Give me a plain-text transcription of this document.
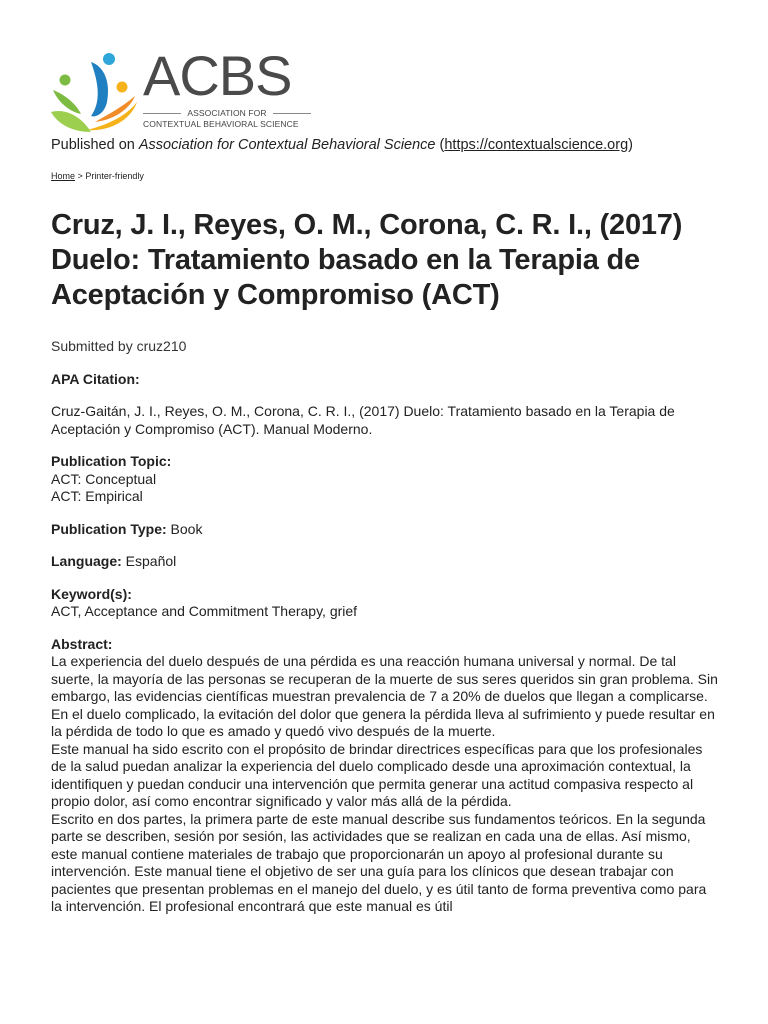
ACBS
ASSOCIATION FOR
CONTEXTUAL BEHAVIORAL SCIENCE
Published on Association for Contextual Behavioral Science (https://contextualscience.org)
Home > Printer-friendly
Cruz, J. I., Reyes, O. M., Corona, C. R. I., (2017) Duelo: Tratamiento basado en la Terapia de Aceptación y Compromiso (ACT)

Submitted by cruz210

APA Citation:

Cruz-Gaitán, J. I., Reyes, O. M., Corona, C. R. I., (2017) Duelo: Tratamiento basado en la Terapia de Aceptación y Compromiso (ACT). Manual Moderno.

Publication Topic:

ACT: Conceptual

ACT: Empirical

Publication Type: Book

Language: Español

Keyword(s):

ACT, Acceptance and Commitment Therapy, grief

Abstract:

La experiencia del duelo después de una pérdida es una reacción humana universal y normal. De tal suerte, la mayoría de las personas se recuperan de la muerte de sus seres queridos sin gran problema. Sin embargo, las evidencias científicas muestran prevalencia de 7 a 20% de duelos que llegan a complicarse. En el duelo complicado, la evitación del dolor que genera la pérdida lleva al sufrimiento y puede resultar en la pérdida de todo lo que es amado y quedó vivo después de la muerte.

Este manual ha sido escrito con el propósito de brindar directrices específicas para que los profesionales de la salud puedan analizar la experiencia del duelo complicado desde una aproximación contextual, la identifiquen y puedan conducir una intervención que permita generar una actitud compasiva respecto al propio dolor, así como encontrar significado y valor más allá de la pérdida.

Escrito en dos partes, la primera parte de este manual describe sus fundamentos teóricos. En la segunda parte se describen, sesión por sesión, las actividades que se realizan en cada una de ellas. Así mismo, este manual contiene materiales de trabajo que proporcionarán un apoyo al profesional durante su intervención. Este manual tiene el objetivo de ser una guía para los clínicos que desean trabajar con pacientes que presentan problemas en el manejo del duelo, y es útil tanto de forma preventiva como para la intervención. El profesional encontrará que este manual es útil
